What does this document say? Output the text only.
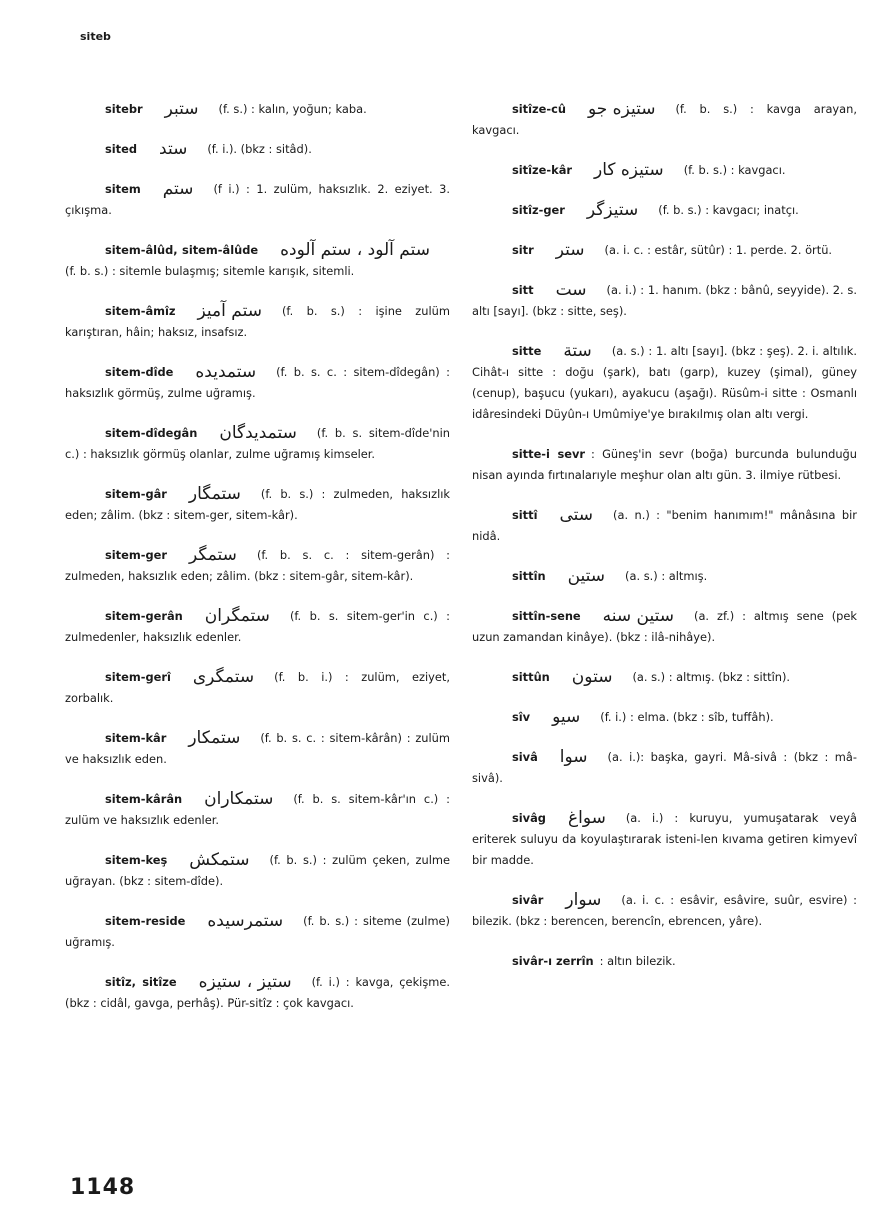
siteb

sitebr ستبر (f. s.) : kalın, yoğun; kaba.

sited ستد (f. i.). (bkz : sitâd).

sitem ستم (f i.) : 1. zulüm, haksızlık. 2. eziyet. 3. çıkışma.

sitem-âlûd, sitem-âlûde ستم آلود ، ستم آلوده(f. b. s.) : sitemle bulaşmış; sitemle karışık, sitemli.

sitem-âmîz ستم آميز (f. b. s.) : işine zulüm karıştıran, hâin; haksız, insafsız.

sitem-dîde ستمديده (f. b. s. c. : sitem-dîdegân) : haksızlık görmüş, zulme uğramış.

sitem-dîdegân ستمديدگان (f. b. s. sitem-dîde'nin c.) : haksızlık görmüş olanlar, zulme uğramış kimseler.

sitem-gâr ستمگار (f. b. s.) : zulmeden, haksızlık eden; zâlim. (bkz : sitem-ger, sitem-kâr).

sitem-ger ستمگر (f. b. s. c. : sitem-gerân) : zulmeden, haksızlık eden; zâlim. (bkz : sitem-gâr, sitem-kâr).

sitem-gerân ستمگران (f. b. s. sitem-ger'in c.) : zulmedenler, haksızlık edenler.

sitem-gerî ستمگرى (f. b. i.) : zulüm, eziyet, zorbalık.

sitem-kâr ستمكار (f. b. s. c. : sitem-kârân) : zulüm ve haksızlık eden.

sitem-kârân ستمكاران (f. b. s. sitem-kâr'ın c.) : zulüm ve haksızlık edenler.

sitem-keş ستمكش (f. b. s.) : zulüm çeken, zulme uğrayan. (bkz : sitem-dîde).

sitem-reside ستمرسيده (f. b. s.) : siteme (zulme) uğramış.

sitîz, sitîze ستيز ، ستيزه (f. i.) : kavga, çekişme. (bkz : cidâl, gavga, perhâş). Pür-sitîz : çok kavgacı.

sitîze-cû ستيزه جو (f. b. s.) : kavga arayan, kavgacı.

sitîze-kâr ستيزه كار (f. b. s.) : kavgacı.

sitîz-ger ستيزگر (f. b. s.) : kavgacı; inatçı.

sitr ستر (a. i. c. : estâr, sütûr) : 1. perde. 2. örtü.

sitt ست (a. i.) : 1. hanım. (bkz : bânû, seyyide). 2. s. altı [sayı]. (bkz : sitte, seş).

sitte ستة (a. s.) : 1. altı [sayı]. (bkz : şeş). 2. i. altılık. Cihât-ı sitte : doğu (şark), batı (garp), kuzey (şimal), güney (cenup), başucu (yukarı), ayakucu (aşağı). Rüsûm-i sitte : Osmanlı idâresindeki Düyûn-ı Umûmiye'ye bırakılmış olan altı vergi.

sitte-i sevr : Güneş'in sevr (boğa) burcunda bulunduğu nisan ayında fırtınalarıyle meşhur olan altı gün. 3. ilmiye rütbesi.

sittî ستى (a. n.) : "benim hanımım!" mânâsına bir nidâ.

sittîn ستين (a. s.) : altmış.

sittîn-sene ستين سنه (a. zf.) : altmış sene (pek uzun zamandan kinâye). (bkz : ilâ-nihâye).

sittûn ستون (a. s.) : altmış. (bkz : sittîn).

sîv سيو (f. i.) : elma. (bkz : sîb, tuffâh).

sivâ سوا (a. i.): başka, gayri. Mâ-sivâ : (bkz : mâ-sivâ).

sivâg سواغ (a. i.) : kuruyu, yumuşatarak veyâ eriterek suluyu da koyulaştırarak isteni-len kıvama getiren kimyevî bir madde.

sivâr سوار (a. i. c. : esâvir, esâvire, suûr, esvire) : bilezik. (bkz : berencen, berencîn, ebrencen, yâre).

sivâr-ı zerrîn : altın bilezik.

1148
